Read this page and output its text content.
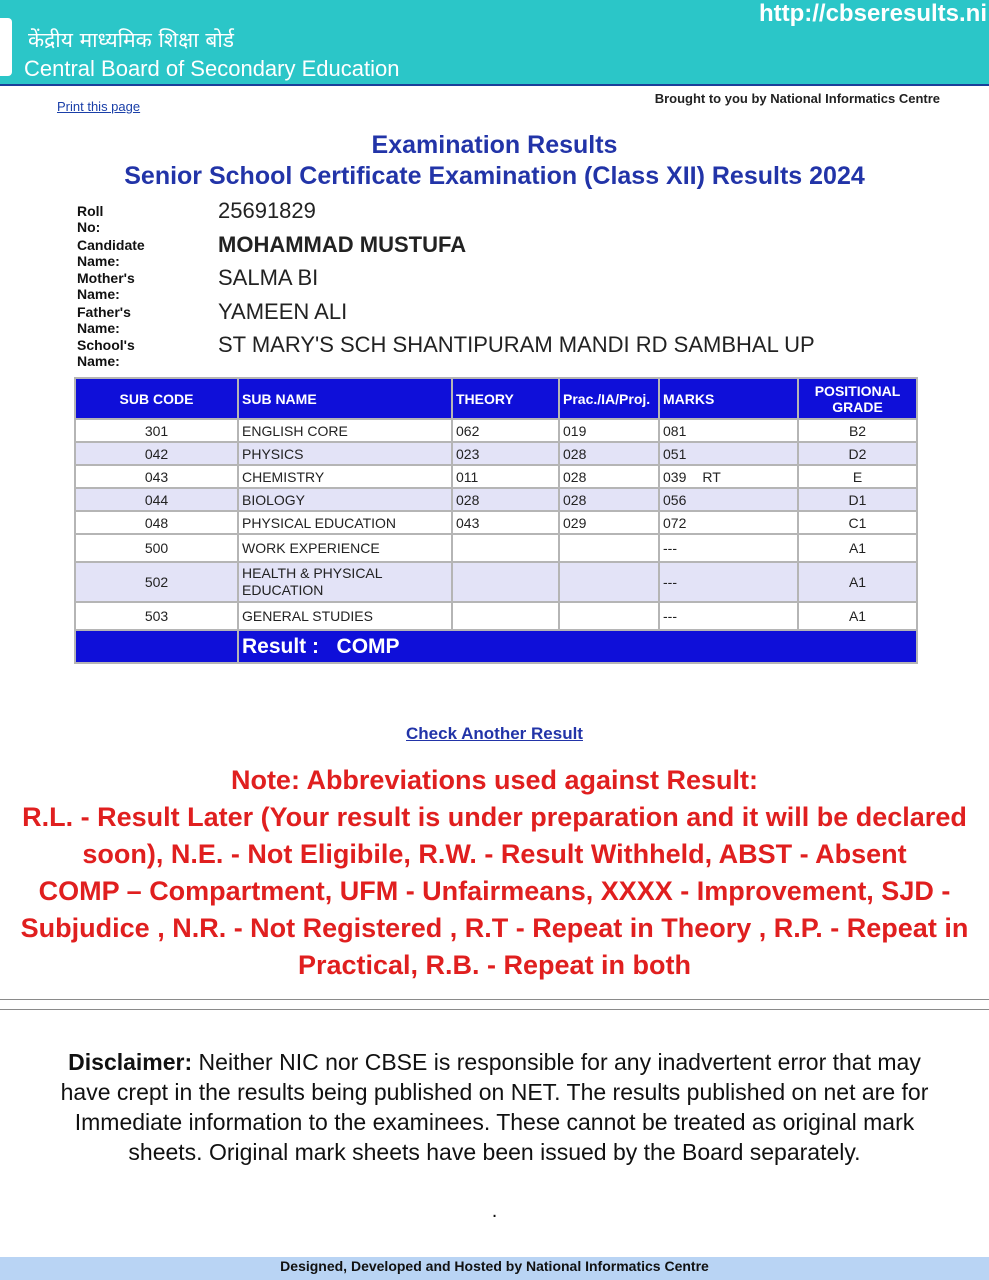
केंद्रीय माध्यमिक शिक्षा बोर्ड
Central Board of Secondary Education
http://cbseresults.ni
Print this page
Brought to you by National Informatics Centre
Examination Results
Senior School Certificate Examination (Class XII) Results 2024
Roll No:
25691829
Candidate Name:
MOHAMMAD MUSTUFA
Mother's Name:
SALMA BI
Father's Name:
YAMEEN ALI
School's Name:
ST MARY'S SCH SHANTIPURAM MANDI RD SAMBHAL UP
SUB CODE	SUB NAME	THEORY	Prac./IA/Proj.	MARKS	POSITIONAL GRADE
301	ENGLISH CORE	062	019	081	B2
042	PHYSICS	023	028	051	D2
043	CHEMISTRY	011	028	039 RT	E
044	BIOLOGY	028	028	056	D1
048	PHYSICAL EDUCATION	043	029	072	C1
500	WORK EXPERIENCE			---	A1
502	HEALTH & PHYSICAL EDUCATION			---	A1
503	GENERAL STUDIES			---	A1
	Result : COMP				
Check Another Result
Note: Abbreviations used against Result:
R.L. - Result Later (Your result is under preparation and it will be declared
soon), N.E. - Not Eligibile, R.W. - Result Withheld, ABST - Absent
COMP – Compartment, UFM - Unfairmeans, XXXX - Improvement, SJD -
Subjudice , N.R. - Not Registered , R.T - Repeat in Theory , R.P. - Repeat in
Practical, R.B. - Repeat in both
Disclaimer: Neither NIC nor CBSE is responsible for any inadvertent error that may have crept in the results being published on NET. The results published on net are for Immediate information to the examinees. These cannot be treated as original mark sheets. Original mark sheets have been issued by the Board separately.
.
Designed, Developed and Hosted by National Informatics Centre
